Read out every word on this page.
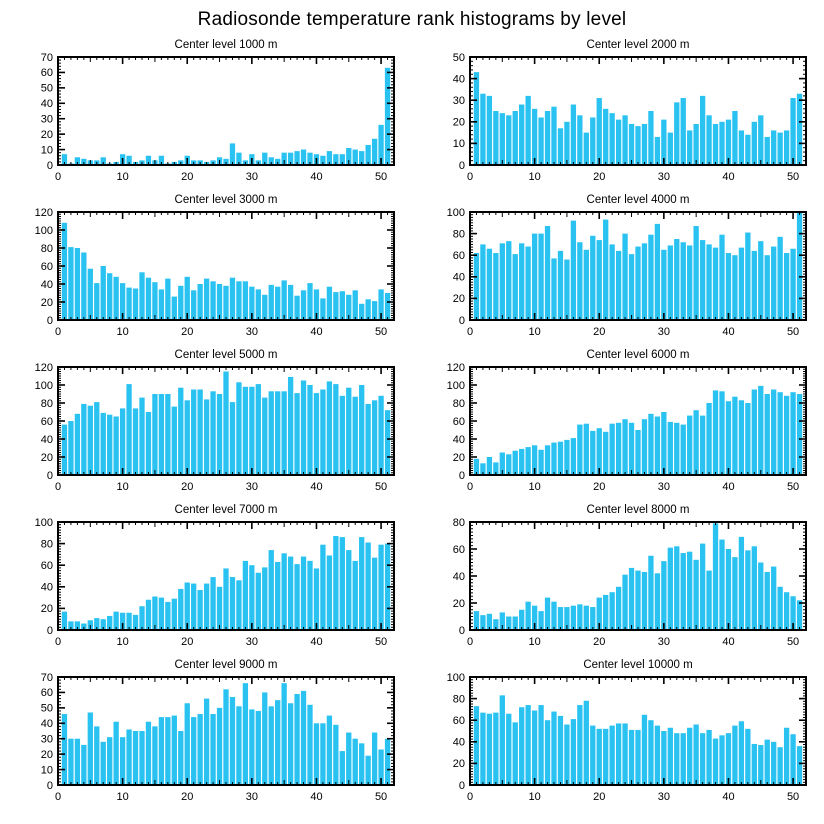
Radiosonde temperature rank histograms by level
Center level 1000 m
0
10
20
30
40
50
60
70
0	10	20	30	40	50
Center level 2000 m
0
10
20
30
40
50
0	10	20	30	40	50
Center level 3000 m
0
20
40
60
80
100
120
0	10	20	30	40	50
Center level 4000 m
0
20
40
60
80
100
0	10	20	30	40	50
Center level 5000 m
0
20
40
60
80
100
120
0	10	20	30	40	50
Center level 6000 m
0
20
40
60
80
100
120
0	10	20	30	40	50
Center level 7000 m
0
20
40
60
80
100
0	10	20	30	40	50
Center level 8000 m
0
20
40
60
80
0	10	20	30	40	50
Center level 9000 m
0
10
20
30
40
50
60
70
0	10	20	30	40	50
Center level 10000 m
0
20
40
60
80
100
0	10	20	30	40	50
